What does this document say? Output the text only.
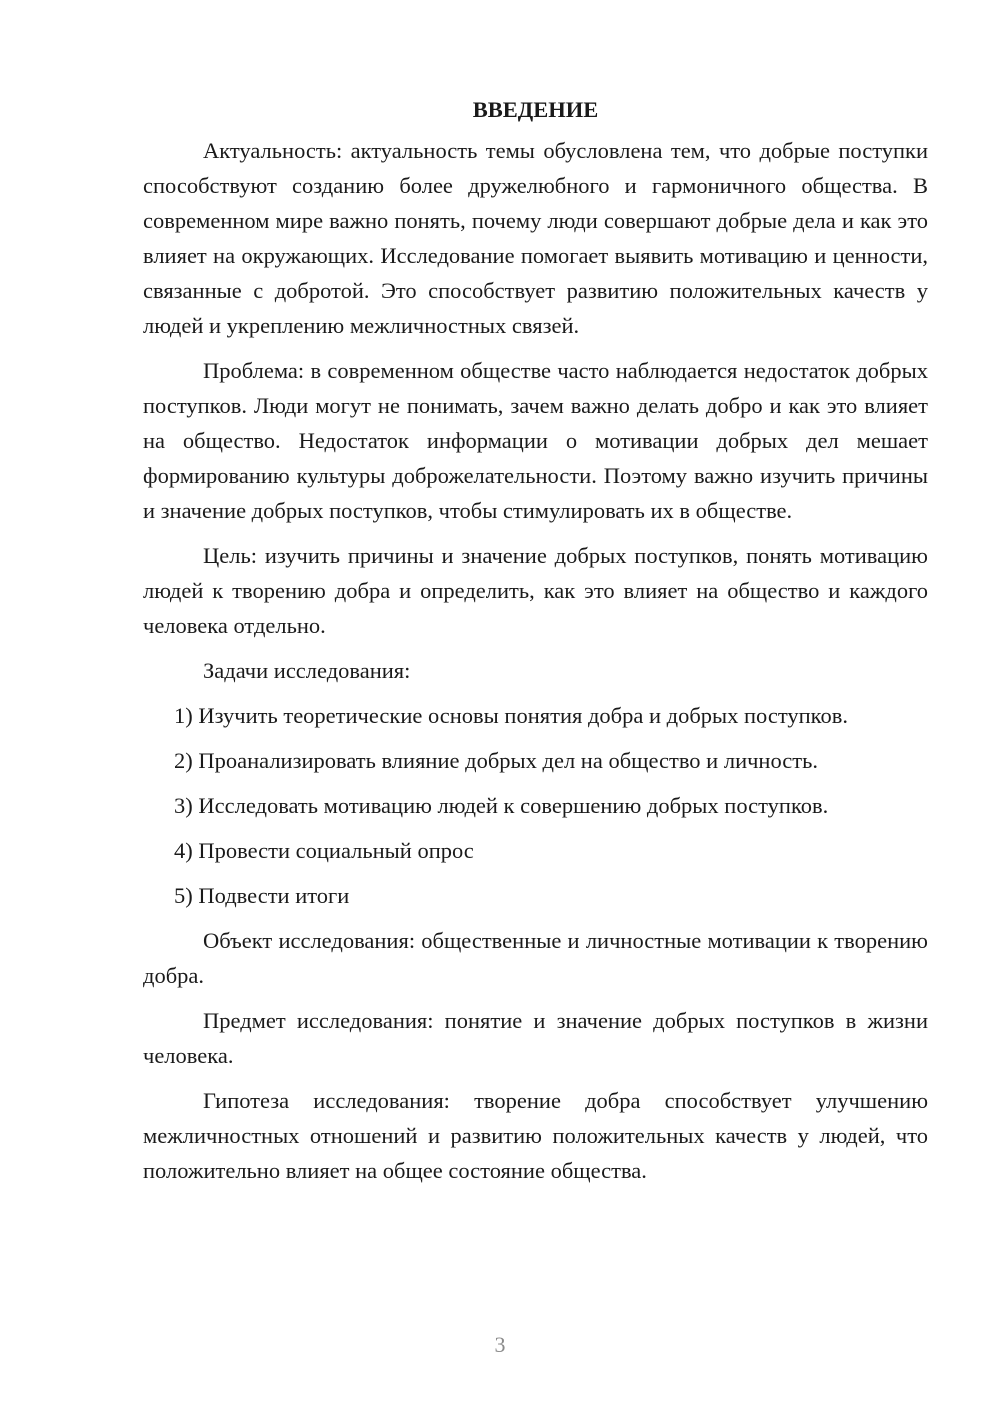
ВВЕДЕНИЕ

Актуальность: актуальность темы обусловлена тем, что добрые поступки способствуют созданию более дружелюбного и гармоничного общества. В современном мире важно понять, почему люди совершают добрые дела и как это влияет на окружающих. Исследование помогает выявить мотивацию и ценности, связанные с добротой. Это способствует развитию положительных качеств у людей и укреплению межличностных связей.

Проблема: в современном обществе часто наблюдается недостаток добрых поступков. Люди могут не понимать, зачем важно делать добро и как это влияет на общество. Недостаток информации о мотивации добрых дел мешает формированию культуры доброжелательности. Поэтому важно изучить причины и значение добрых поступков, чтобы стимулировать их в обществе.

Цель: изучить причины и значение добрых поступков, понять мотивацию людей к творению добра и определить, как это влияет на общество и каждого человека отдельно.

Задачи исследования:
1) Изучить теоретические основы понятия добра и добрых поступков.
2) Проанализировать влияние добрых дел на общество и личность.
3) Исследовать мотивацию людей к совершению добрых поступков.
4) Провести социальный опрос
5) Подвести итоги

Объект исследования: общественные и личностные мотивации к творению добра.

Предмет исследования: понятие и значение добрых поступков в жизни человека.

Гипотеза исследования: творение добра способствует улучшению межличностных отношений и развитию положительных качеств у людей, что положительно влияет на общее состояние общества.

3
